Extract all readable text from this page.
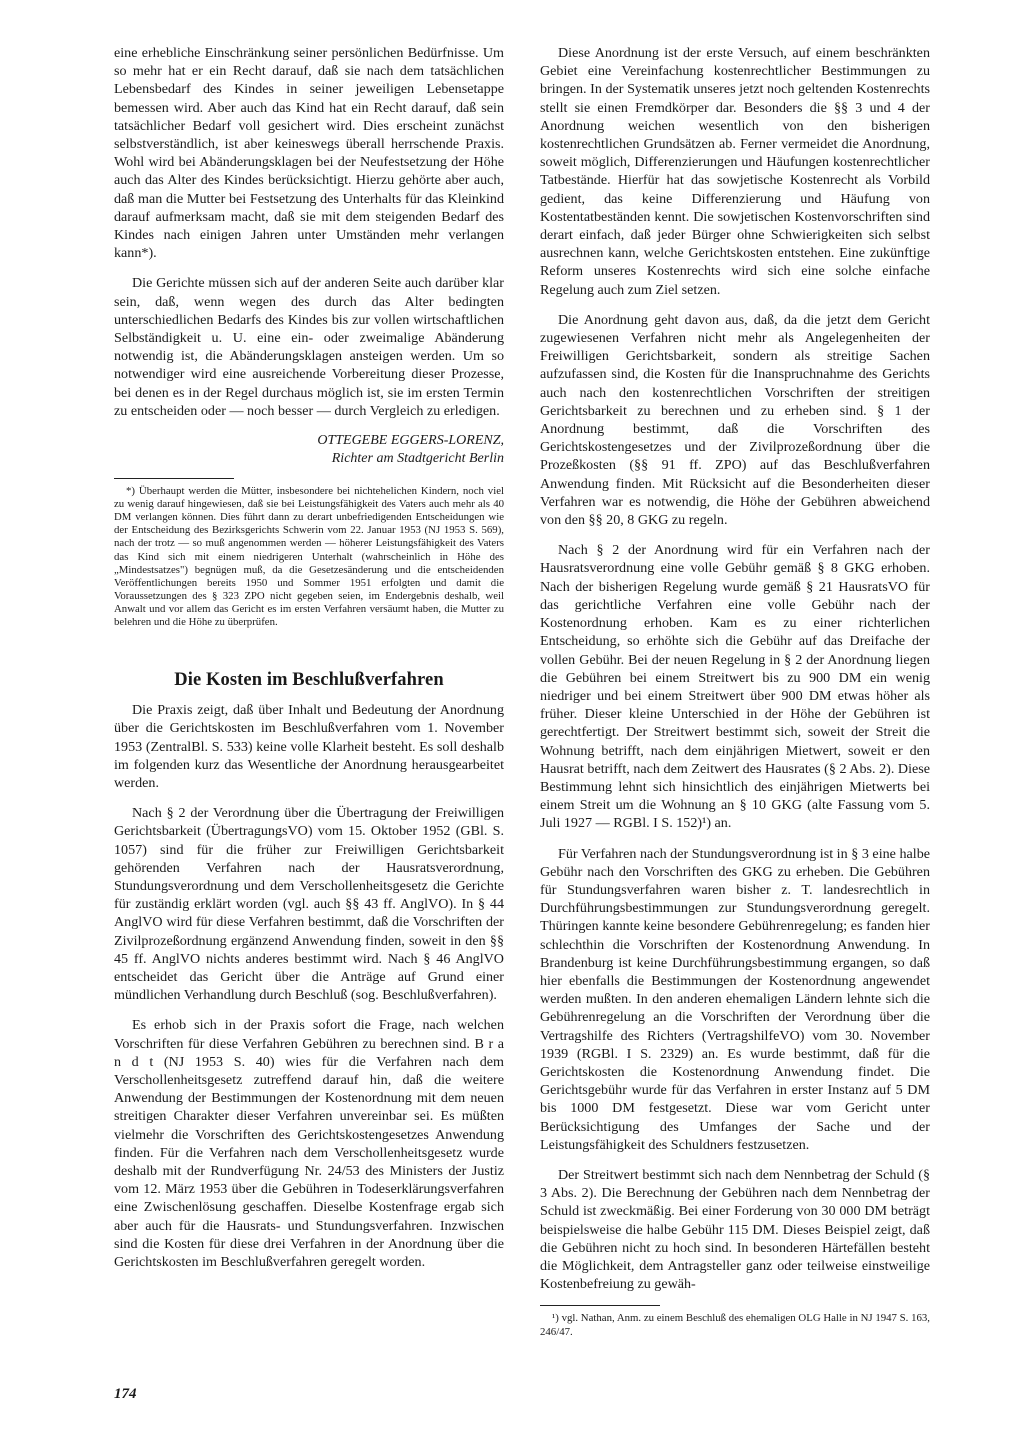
eine erhebliche Einschränkung seiner persönlichen Bedürfnisse. Um so mehr hat er ein Recht darauf, daß sie nach dem tatsächlichen Lebensbedarf des Kindes in seiner jeweiligen Lebensetappe bemessen wird. Aber auch das Kind hat ein Recht darauf, daß sein tatsächlicher Bedarf voll gesichert wird. Dies erscheint zunächst selbstverständlich, ist aber keineswegs überall herrschende Praxis. Wohl wird bei Abänderungsklagen bei der Neufestsetzung der Höhe auch das Alter des Kindes berücksichtigt. Hierzu gehörte aber auch, daß man die Mutter bei Festsetzung des Unterhalts für das Kleinkind darauf aufmerksam macht, daß sie mit dem steigenden Bedarf des Kindes nach einigen Jahren unter Umständen mehr verlangen kann*).

Die Gerichte müssen sich auf der anderen Seite auch darüber klar sein, daß, wenn wegen des durch das Alter bedingten unterschiedlichen Bedarfs des Kindes bis zur vollen wirtschaftlichen Selbständigkeit u. U. eine ein- oder zweimalige Abänderung notwendig ist, die Abänderungsklagen ansteigen werden. Um so notwendiger wird eine ausreichende Vorbereitung dieser Prozesse, bei denen es in der Regel durchaus möglich ist, sie im ersten Termin zu entscheiden oder — noch besser — durch Vergleich zu erledigen.

OTTEGEBE EGGERS-LORENZ,
Richter am Stadtgericht Berlin

*) Überhaupt werden die Mütter, insbesondere bei nichtehelichen Kindern, noch viel zu wenig darauf hingewiesen, daß sie bei Leistungsfähigkeit des Vaters auch mehr als 40 DM verlangen können. Dies führt dann zu derart unbefriedigenden Entscheidungen wie der Entscheidung des Bezirksgerichts Schwerin vom 22. Januar 1953 (NJ 1953 S. 569), nach der trotz — so muß angenommen werden — höherer Leistungsfähigkeit des Vaters das Kind sich mit einem niedrigeren Unterhalt (wahrscheinlich in Höhe des „Mindestsatzes") begnügen muß, da die Gesetzesänderung und die entscheidenden Veröffentlichungen bereits 1950 und Sommer 1951 erfolgten und damit die Voraussetzungen des § 323 ZPO nicht gegeben seien, im Endergebnis deshalb, weil Anwalt und vor allem das Gericht es im ersten Verfahren versäumt haben, die Mutter zu belehren und die Höhe zu überprüfen.

Die Kosten im Beschlußverfahren

Die Praxis zeigt, daß über Inhalt und Bedeutung der Anordnung über die Gerichtskosten im Beschlußverfahren vom 1. November 1953 (ZentralBl. S. 533) keine volle Klarheit besteht. Es soll deshalb im folgenden kurz das Wesentliche der Anordnung herausgearbeitet werden.

Nach § 2 der Verordnung über die Übertragung der Freiwilligen Gerichtsbarkeit (ÜbertragungsVO) vom 15. Oktober 1952 (GBl. S. 1057) sind für die früher zur Freiwilligen Gerichtsbarkeit gehörenden Verfahren nach der Hausratsverordnung, Stundungsverordnung und dem Verschollenheitsgesetz die Gerichte für zuständig erklärt worden (vgl. auch §§ 43 ff. AnglVO). In § 44 AnglVO wird für diese Verfahren bestimmt, daß die Vorschriften der Zivilprozeßordnung ergänzend Anwendung finden, soweit in den §§ 45 ff. AnglVO nichts anderes bestimmt wird. Nach § 46 AnglVO entscheidet das Gericht über die Anträge auf Grund einer mündlichen Verhandlung durch Beschluß (sog. Beschlußverfahren).

Es erhob sich in der Praxis sofort die Frage, nach welchen Vorschriften für diese Verfahren Gebühren zu berechnen sind. B r a n d t (NJ 1953 S. 40) wies für die Verfahren nach dem Verschollenheitsgesetz zutreffend darauf hin, daß die weitere Anwendung der Bestimmungen der Kostenordnung mit dem neuen streitigen Charakter dieser Verfahren unvereinbar sei. Es müßten vielmehr die Vorschriften des Gerichtskostengesetzes Anwendung finden. Für die Verfahren nach dem Verschollenheitsgesetz wurde deshalb mit der Rundverfügung Nr. 24/53 des Ministers der Justiz vom 12. März 1953 über die Gebühren in Todeserklärungsverfahren eine Zwischenlösung geschaffen. Dieselbe Kostenfrage ergab sich aber auch für die Hausrats- und Stundungsverfahren. Inzwischen sind die Kosten für diese drei Verfahren in der Anordnung über die Gerichtskosten im Beschlußverfahren geregelt worden.

Diese Anordnung ist der erste Versuch, auf einem beschränkten Gebiet eine Vereinfachung kostenrechtlicher Bestimmungen zu bringen. In der Systematik unseres jetzt noch geltenden Kostenrechts stellt sie einen Fremdkörper dar. Besonders die §§ 3 und 4 der Anordnung weichen wesentlich von den bisherigen kostenrechtlichen Grundsätzen ab. Ferner vermeidet die Anordnung, soweit möglich, Differenzierungen und Häufungen kostenrechtlicher Tatbestände. Hierfür hat das sowjetische Kostenrecht als Vorbild gedient, das keine Differenzierung und Häufung von Kostentatbeständen kennt. Die sowjetischen Kostenvorschriften sind derart einfach, daß jeder Bürger ohne Schwierigkeiten sich selbst ausrechnen kann, welche Gerichtskosten entstehen. Eine zukünftige Reform unseres Kostenrechts wird sich eine solche einfache Regelung auch zum Ziel setzen.

Die Anordnung geht davon aus, daß, da die jetzt dem Gericht zugewiesenen Verfahren nicht mehr als Angelegenheiten der Freiwilligen Gerichtsbarkeit, sondern als streitige Sachen aufzufassen sind, die Kosten für die Inanspruchnahme des Gerichts auch nach den kostenrechtlichen Vorschriften der streitigen Gerichtsbarkeit zu berechnen und zu erheben sind. § 1 der Anordnung bestimmt, daß die Vorschriften des Gerichtskostengesetzes und der Zivilprozeßordnung über die Prozeßkosten (§§ 91 ff. ZPO) auf das Beschlußverfahren Anwendung finden. Mit Rücksicht auf die Besonderheiten dieser Verfahren war es notwendig, die Höhe der Gebühren abweichend von den §§ 20, 8 GKG zu regeln.

Nach § 2 der Anordnung wird für ein Verfahren nach der Hausratsverordnung eine volle Gebühr gemäß § 8 GKG erhoben. Nach der bisherigen Regelung wurde gemäß § 21 HausratsVO für das gerichtliche Verfahren eine volle Gebühr nach der Kostenordnung erhoben. Kam es zu einer richterlichen Entscheidung, so erhöhte sich die Gebühr auf das Dreifache der vollen Gebühr. Bei der neuen Regelung in § 2 der Anordnung liegen die Gebühren bei einem Streitwert bis zu 900 DM ein wenig niedriger und bei einem Streitwert über 900 DM etwas höher als früher. Dieser kleine Unterschied in der Höhe der Gebühren ist gerechtfertigt. Der Streitwert bestimmt sich, soweit der Streit die Wohnung betrifft, nach dem einjährigen Mietwert, soweit er den Hausrat betrifft, nach dem Zeitwert des Hausrates (§ 2 Abs. 2). Diese Bestimmung lehnt sich hinsichtlich des einjährigen Mietwerts bei einem Streit um die Wohnung an § 10 GKG (alte Fassung vom 5. Juli 1927 — RGBl. I S. 152)¹) an.

Für Verfahren nach der Stundungsverordnung ist in § 3 eine halbe Gebühr nach den Vorschriften des GKG zu erheben. Die Gebühren für Stundungsverfahren waren bisher z. T. landesrechtlich in Durchführungsbestimmungen zur Stundungsverordnung geregelt. Thüringen kannte keine besondere Gebührenregelung; es fanden hier schlechthin die Vorschriften der Kostenordnung Anwendung. In Brandenburg ist keine Durchführungsbestimmung ergangen, so daß hier ebenfalls die Bestimmungen der Kostenordnung angewendet werden mußten. In den anderen ehemaligen Ländern lehnte sich die Gebührenregelung an die Vorschriften der Verordnung über die Vertragshilfe des Richters (VertragshilfeVO) vom 30. November 1939 (RGBl. I S. 2329) an. Es wurde bestimmt, daß für die Gerichtskosten die Kostenordnung Anwendung findet. Die Gerichtsgebühr wurde für das Verfahren in erster Instanz auf 5 DM bis 1000 DM festgesetzt. Diese war vom Gericht unter Berücksichtigung des Umfanges der Sache und der Leistungsfähigkeit des Schuldners festzusetzen.

Der Streitwert bestimmt sich nach dem Nennbetrag der Schuld (§ 3 Abs. 2). Die Berechnung der Gebühren nach dem Nennbetrag der Schuld ist zweckmäßig. Bei einer Forderung von 30 000 DM beträgt beispielsweise die halbe Gebühr 115 DM. Dieses Beispiel zeigt, daß die Gebühren nicht zu hoch sind. In besonderen Härtefällen besteht die Möglichkeit, dem Antragsteller ganz oder teilweise einstweilige Kostenbefreiung zu gewäh-

¹) vgl. Nathan, Anm. zu einem Beschluß des ehemaligen OLG Halle in NJ 1947 S. 163, 246/47.

174
